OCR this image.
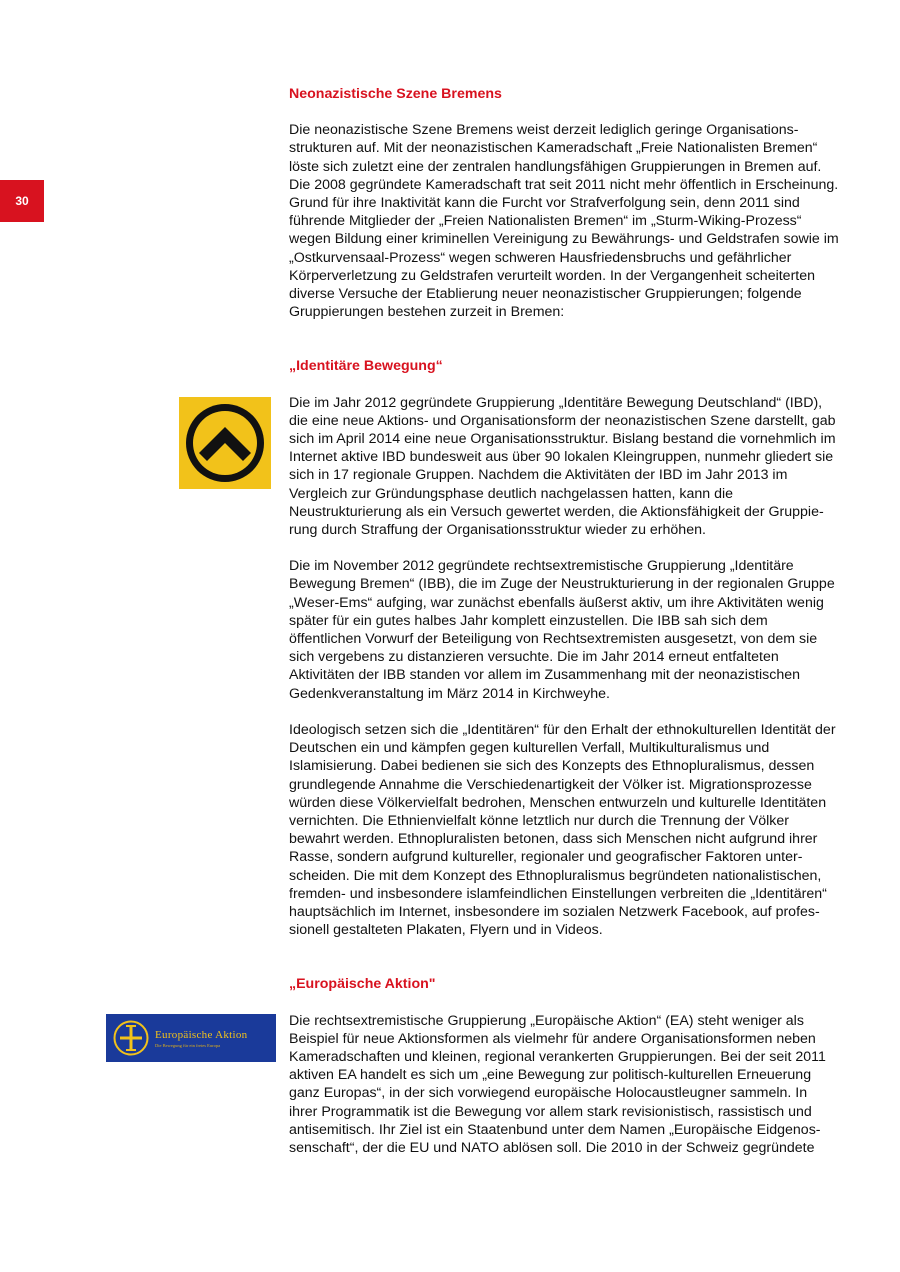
30
Europäische Aktion
Die Bewegung für ein freies Europa
Neonazistische Szene Bremens

Die neonazistische Szene Bremens weist derzeit lediglich geringe Organisationsstrukturen auf. Mit der neonazistischen Kameradschaft „Freie Nationalisten Bremen“ löste sich zuletzt eine der zentralen handlungsfähigen Gruppierungen in Bremen auf. Die 2008 gegründete Kameradschaft trat seit 2011 nicht mehr öffentlich in Erscheinung. Grund für ihre Inaktivität kann die Furcht vor Strafverfolgung sein, denn 2011 sind führende Mitglieder der „Freien Nationalisten Bremen“ im „Sturm-Wiking-Prozess“ wegen Bildung einer kriminellen Vereinigung zu Bewährungs- und Geldstrafen sowie im „Ostkurvensaal-Prozess“ wegen schweren Hausfriedensbruchs und gefährlicher Körperverletzung zu Geldstrafen verurteilt worden. In der Vergangenheit scheiterten diverse Versuche der Etablierung neuer neonazistischer Gruppierungen; folgende Gruppierungen bestehen zurzeit in Bremen:

„Identitäre Bewegung“

Die im Jahr 2012 gegründete Gruppierung „Identitäre Bewegung Deutschland“ (IBD), die eine neue Aktions- und Organisationsform der neonazistischen Szene darstellt, gab sich im April 2014 eine neue Organisationsstruktur. Bislang bestand die vornehmlich im Internet aktive IBD bundesweit aus über 90 lokalen Kleingruppen, nunmehr gliedert sie sich in 17 regionale Gruppen. Nachdem die Aktivitäten der IBD im Jahr 2013 im Vergleich zur Gründungsphase deutlich nachgelassen hatten, kann die Neustrukturierung als ein Versuch gewertet werden, die Aktionsfähigkeit der Gruppierung durch Straffung der Organisationsstruktur wieder zu erhöhen.

Die im November 2012 gegründete rechtsextremistische Gruppierung „Identitäre Bewegung Bremen“ (IBB), die im Zuge der Neustrukturierung in der regionalen Gruppe „Weser-Ems“ aufging, war zunächst ebenfalls äußerst aktiv, um ihre Aktivitäten wenig später für ein gutes halbes Jahr komplett einzustellen. Die IBB sah sich dem öffentlichen Vorwurf der Beteiligung von Rechtsextremisten ausgesetzt, von dem sie sich vergebens zu distanzieren versuchte. Die im Jahr 2014 erneut entfalteten Aktivitäten der IBB standen vor allem im Zusammenhang mit der neonazistischen Gedenkveranstaltung im März 2014 in Kirchweyhe.

Ideologisch setzen sich die „Identitären“ für den Erhalt der ethnokulturellen Identität der Deutschen ein und kämpfen gegen kulturellen Verfall, Multikulturalismus und Islamisierung. Dabei bedienen sie sich des Konzepts des Ethnopluralismus, dessen grundlegende Annahme die Verschiedenartigkeit der Völker ist. Migrationsprozesse würden diese Völkervielfalt bedrohen, Menschen entwurzeln und kulturelle Identitäten vernichten. Die Ethnienvielfalt könne letztlich nur durch die Trennung der Völker bewahrt werden. Ethnopluralisten betonen, dass sich Menschen nicht aufgrund ihrer Rasse, sondern aufgrund kultureller, regionaler und geografischer Faktoren unterscheiden. Die mit dem Konzept des Ethnopluralismus begründeten nationalistischen, fremden- und insbesondere islamfeindlichen Einstellungen verbreiten die „Identitären“ hauptsächlich im Internet, insbesondere im sozialen Netzwerk Facebook, auf professionell gestalteten Plakaten, Flyern und in Videos.

„Europäische Aktion"

Die rechtsextremistische Gruppierung „Europäische Aktion“ (EA) steht weniger als Beispiel für neue Aktionsformen als vielmehr für andere Organisationsformen neben Kameradschaften und kleinen, regional verankerten Gruppierungen. Bei der seit 2011 aktiven EA handelt es sich um „eine Bewegung zur politisch-kulturellen Erneuerung ganz Europas“, in der sich vorwiegend europäische Holocaustleugner sammeln. In ihrer Programmatik ist die Bewegung vor allem stark revisionistisch, rassistisch und antisemitisch. Ihr Ziel ist ein Staatenbund unter dem Namen „Europäische Eidgenossenschaft“, der die EU und NATO ablösen soll. Die 2010 in der Schweiz gegründete
